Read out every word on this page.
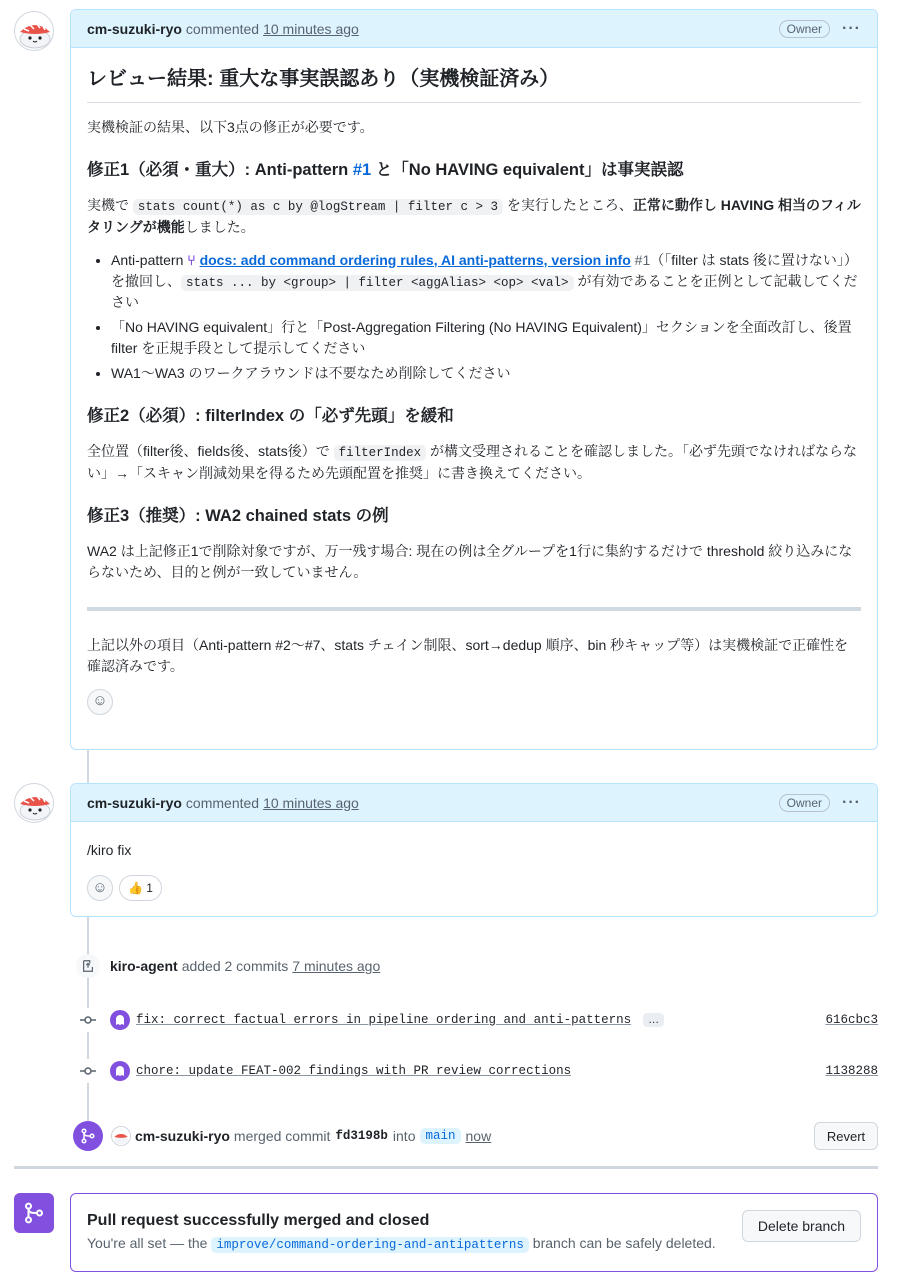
cm-suzuki-ryo commented 10 minutes ago	Owner	···
レビュー結果: 重大な事実誤認あり（実機検証済み）

実機検証の結果、以下3点の修正が必要です。

修正1（必須・重大）: Anti-pattern #1 と「No HAVING equivalent」は事実誤認

実機で stats count(*) as c by @logStream | filter c > 3 を実行したところ、正常に動作し HAVING 相当のフィルタリングが機能しました。

• Anti-pattern ⑂ docs: add command ordering rules, AI anti-patterns, version info #1（「filter は stats 後に置けない」）を撤回し、 stats ... by <group> | filter <aggAlias> <op> <val> が有効であることを正例として記載してください
• 「No HAVING equivalent」行と「Post-Aggregation Filtering (No HAVING Equivalent)」セクションを全面改訂し、後置 filter を正規手段として提示してください
• WA1〜WA3 のワークアラウンドは不要なため削除してください
修正2（必須）: filterIndex の「必ず先頭」を緩和

全位置（filter後、fields後、stats後）で filterIndex が構文受理されることを確認しました。「必ず先頭でなければならない」→「スキャン削減効果を得るため先頭配置を推奨」に書き換えてください。

修正3（推奨）: WA2 chained stats の例

WA2 は上記修正1で削除対象ですが、万一残す場合: 現在の例は全グループを1行に集約するだけで threshold 絞り込みにならないため、目的と例が一致していません。

上記以外の項目（Anti-pattern #2〜#7、stats チェイン制限、sort→dedup 順序、bin 秒キャップ等）は実機検証で正確性を確認済みです。

☺
cm-suzuki-ryo commented 10 minutes ago	Owner	···

/kiro fix

☺ 👍
1
kiro-agent added 2 commits 7 minutes ago
fix: correct factual errors in pipeline ordering and anti-patterns	…	616cbc3
chore: update FEAT-002 findings with PR review corrections	1138288
cm-suzuki-ryo merged commit fd3198b into main now	Revert
Pull request successfully merged and closed
You're all set — the improve/command-ordering-and-antipatterns branch can be safely deleted.
Delete branch
